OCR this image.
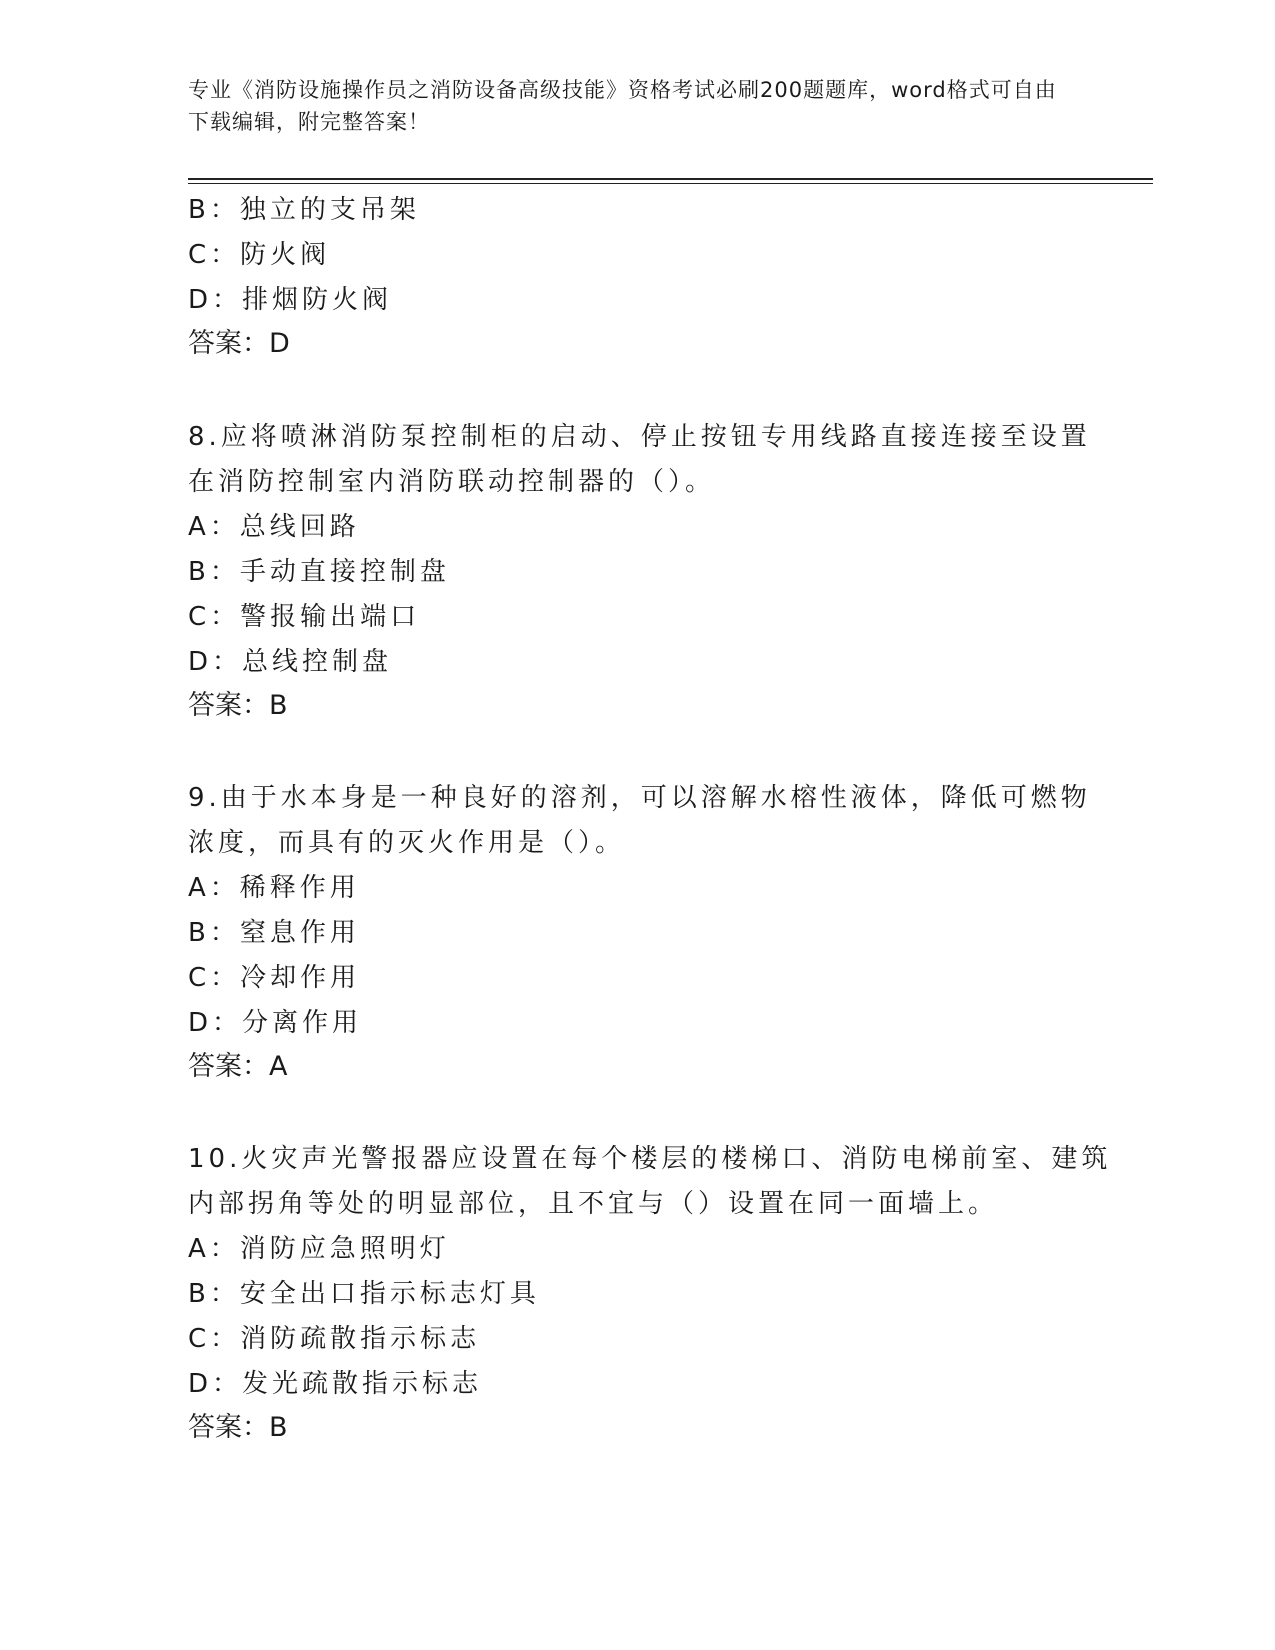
专业《消防设施操作员之消防设备高级技能》资格考试必刷200题题库，word格式可自由下载编辑，附完整答案！
B：独立的支吊架
C：防火阀
D：排烟防火阀
答案：D
8.应将喷淋消防泵控制柜的启动、停止按钮专用线路直接连接至设置
在消防控制室内消防联动控制器的（）。
A：总线回路
B：手动直接控制盘
C：警报输出端口
D：总线控制盘
答案：B
9.由于水本身是一种良好的溶剂，可以溶解水榕性液体，降低可燃物
浓度，而具有的灭火作用是（）。
A：稀释作用
B：窒息作用
C：冷却作用
D：分离作用
答案：A
10.火灾声光警报器应设置在每个楼层的楼梯口、消防电梯前室、建筑
内部拐角等处的明显部位，且不宜与（）设置在同一面墙上。
A：消防应急照明灯
B：安全出口指示标志灯具
C：消防疏散指示标志
D：发光疏散指示标志
答案：B
